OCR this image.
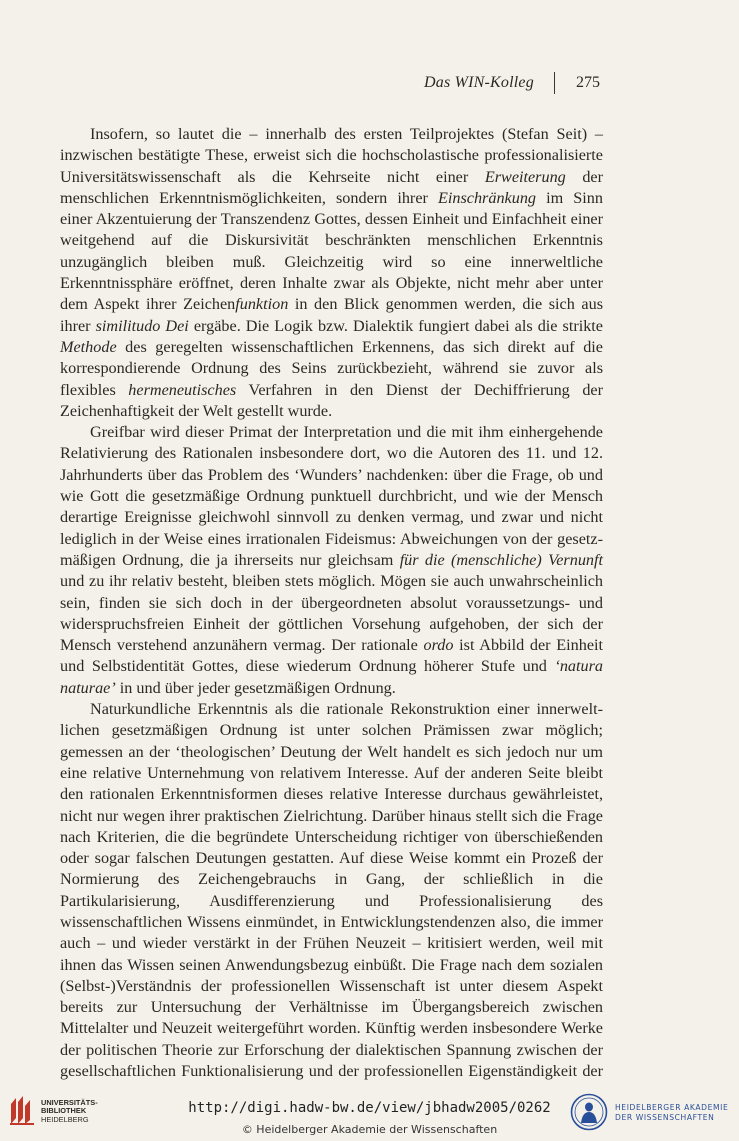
Das WIN-Kolleg	275

Insofern, so lautet die – innerhalb des ersten Teilprojektes (Stefan Seit) – inzwischen bestätigte These, erweist sich die hochscholastische professionalisierte Universitätswissenschaft als die Kehrseite nicht einer Erweiterung der menschlichen Erkenntnismöglichkeiten, sondern ihrer Einschränkung im Sinn einer Akzentuierung der Transzendenz Gottes, dessen Einheit und Einfachheit einer weitgehend auf die Diskursivität beschränkten menschlichen Erkenntnis unzugänglich bleiben muß. Gleichzeitig wird so eine innerweltliche Erkenntnissphäre eröffnet, deren Inhalte zwar als Objekte, nicht mehr aber unter dem Aspekt ihrer Zeichenfunktion in den Blick genommen werden, die sich aus ihrer similitudo Dei ergäbe. Die Logik bzw. Dialektik fungiert dabei als die strikte Methode des geregelten wissenschaftlichen Erkennens, das sich direkt auf die korrespondierende Ordnung des Seins zurückbezieht, während sie zuvor als flexibles hermeneutisches Verfahren in den Dienst der Dechiffrierung der Zeichenhaftigkeit der Welt gestellt wurde.

Greifbar wird dieser Primat der Interpretation und die mit ihm einhergehende Relativierung des Rationalen insbesondere dort, wo die Autoren des 11. und 12. Jahrhunderts über das Problem des ‘Wunders’ nachdenken: über die Frage, ob und wie Gott die gesetzmäßige Ordnung punktuell durchbricht, und wie der Mensch derartige Ereignisse gleichwohl sinnvoll zu denken vermag, und zwar und nicht lediglich in der Weise eines irrationalen Fideismus: Abweichungen von der gesetzmäßigen Ordnung, die ja ihrerseits nur gleichsam für die (menschliche) Vernunft und zu ihr relativ besteht, bleiben stets möglich. Mögen sie auch unwahrscheinlich sein, finden sie sich doch in der übergeordneten absolut voraussetzungs- und widerspruchsfreien Einheit der göttlichen Vorsehung aufgehoben, der sich der Mensch verstehend anzunähern vermag. Der rationale ordo ist Abbild der Einheit und Selbstidentität Gottes, diese wiederum Ordnung höherer Stufe und ‘natura naturae’ in und über jeder gesetzmäßigen Ordnung.

Naturkundliche Erkenntnis als die rationale Rekonstruktion einer innerweltlichen gesetzmäßigen Ordnung ist unter solchen Prämissen zwar möglich; gemessen an der ‘theologischen’ Deutung der Welt handelt es sich jedoch nur um eine relative Unternehmung von relativem Interesse. Auf der anderen Seite bleibt den rationalen Erkenntnisformen dieses relative Interesse durchaus gewährleistet, nicht nur wegen ihrer praktischen Zielrichtung. Darüber hinaus stellt sich die Frage nach Kriterien, die die begründete Unterscheidung richtiger von überschießenden oder sogar falschen Deutungen gestatten. Auf diese Weise kommt ein Prozeß der Normierung des Zeichengebrauchs in Gang, der schließlich in die Partikularisierung, Ausdifferenzierung und Professionalisierung des wissenschaftlichen Wissens einmündet, in Entwicklungstendenzen also, die immer auch – und wieder verstärkt in der Frühen Neuzeit – kritisiert werden, weil mit ihnen das Wissen seinen Anwendungsbezug einbüßt. Die Frage nach dem sozialen (Selbst-)Verständnis der professionellen Wissenschaft ist unter diesem Aspekt bereits zur Untersuchung der Verhältnisse im Übergangsbereich zwischen Mittelalter und Neuzeit weitergeführt worden. Künftig werden insbesondere Werke der politischen Theorie zur Erforschung der dialektischen Spannung zwischen der gesellschaftlichen Funktionalisierung und der professionellen Eigenständigkeit der

UNIVERSITÄTS-
BIBLIOTHEK
HEIDELBERG
http://digi.hadw-bw.de/view/jbhadw2005/0262
© Heidelberger Akademie der Wissenschaften
HEIDELBERGER AKADEMIE
DER WISSENSCHAFTEN
